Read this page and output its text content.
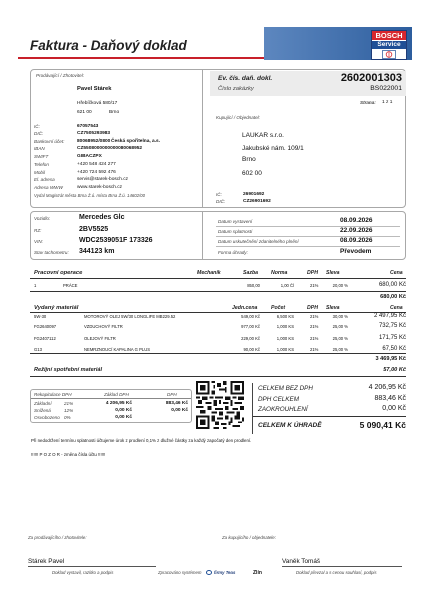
Faktura - Daňový doklad
BOSCH
Service
Prodávající / Zhotovitel:
Pavel Stárek
Hřebíčková 580/17
621 00	Brno
IČ:	67057543
DIČ:	CZ7505293983
Bankovní účet:	80068952/0800 Česká spořitelna, a.s.
IBAN	CZ5508000000000080068952
SWIFT	GIBACZPX
Telefon	+420 548 424 277
Mobil	+420 724 592 476
El. adresa	servis@starek-bosch.cz
Adresa WWW	www.starek-bosch.cz
Vydal Magistrát města Brna Ž.ú. místa Brna Ž.ú. 14602/00
Ev. čís. daň. dokl.	2602001303
Číslo zakázky	BS022001
Strana: 1 z 1
Kupující / Objednatel:
LAUKAR s.r.o.
Jakubské nám. 109/1
Brno
602 00
IČ:	26901692
DIČ:	CZ26901692
Vozidlo:	Mercedes Glc
RZ:	2BV5525
VIN:	WDC2539051F 173326
Stav tachometru: 344123 km
Datum vystavení	08.09.2026
Datum splatnosti	22.09.2026
Datum uskutečnění zdanitelného plnění	08.09.2026
Forma úhrady:	Převodem
Pracovní operace	Mechanik	Sazba	Norma	DPH Sleva	Cena
1	PRÁCE	850,00	1,00 Čl	21%	20,00 %	680,00 Kč
680,00 Kč
Vydaný materiál	Jedn.cena	Počet	DPH Sleva	Cena
5W-30	MOTOROVÝ OLEJ 5W/30 LONGLIFE MB229.52	549,00 Kč	6,500 KS	21%	30,00 %	2 497,95 Kč
FG2640097	VZDUCHOVÝ FILTR	977,00 Kč	1,000 KS	21%	25,00 %	732,75 Kč
FG2407112	OLEJOVÝ FILTR	229,00 Kč	1,000 KS	21%	25,00 %	171,75 Kč
G13	NEMRZNOUCÍ KAPALINA G PLUS	90,00 Kč	1,000 KS	21%	25,00 %	67,50 Kč
3 469,95 Kč
Režijní spotřební materiál	57,00 Kč
Rekapitulace DPH	Základ DPH	DPH
Základní	21%	4 206,95 Kč	883,46 Kč
Snížená	12%	0,00 Kč	0,00 Kč
Osvobozeno 0%	0,00 Kč
CELKEM BEZ DPH	4 206,95 Kč
DPH CELKEM	883,46 Kč
ZAOKROUHLENÍ	0,00 Kč
CELKEM K ÚHRADĚ	5 090,41 Kč
Při nedodržení termínu splatnosti účtujeme úrok z prodlení 0,1% z dlužné částky za každý započatý den prodlení.
!!!!!! P O Z O R - změna čísla účtu !!!!!!
Za prodávajícího / zhotovitele:	Za kupujícího / objednatele:
Stárek Pavel	Vaněk Tomáš
Doklad vystavil, razítko a podpis	Doklad převzal a s cenou souhlasí, podpis
Zpracováno systémem	firmy Teas	Zlín
